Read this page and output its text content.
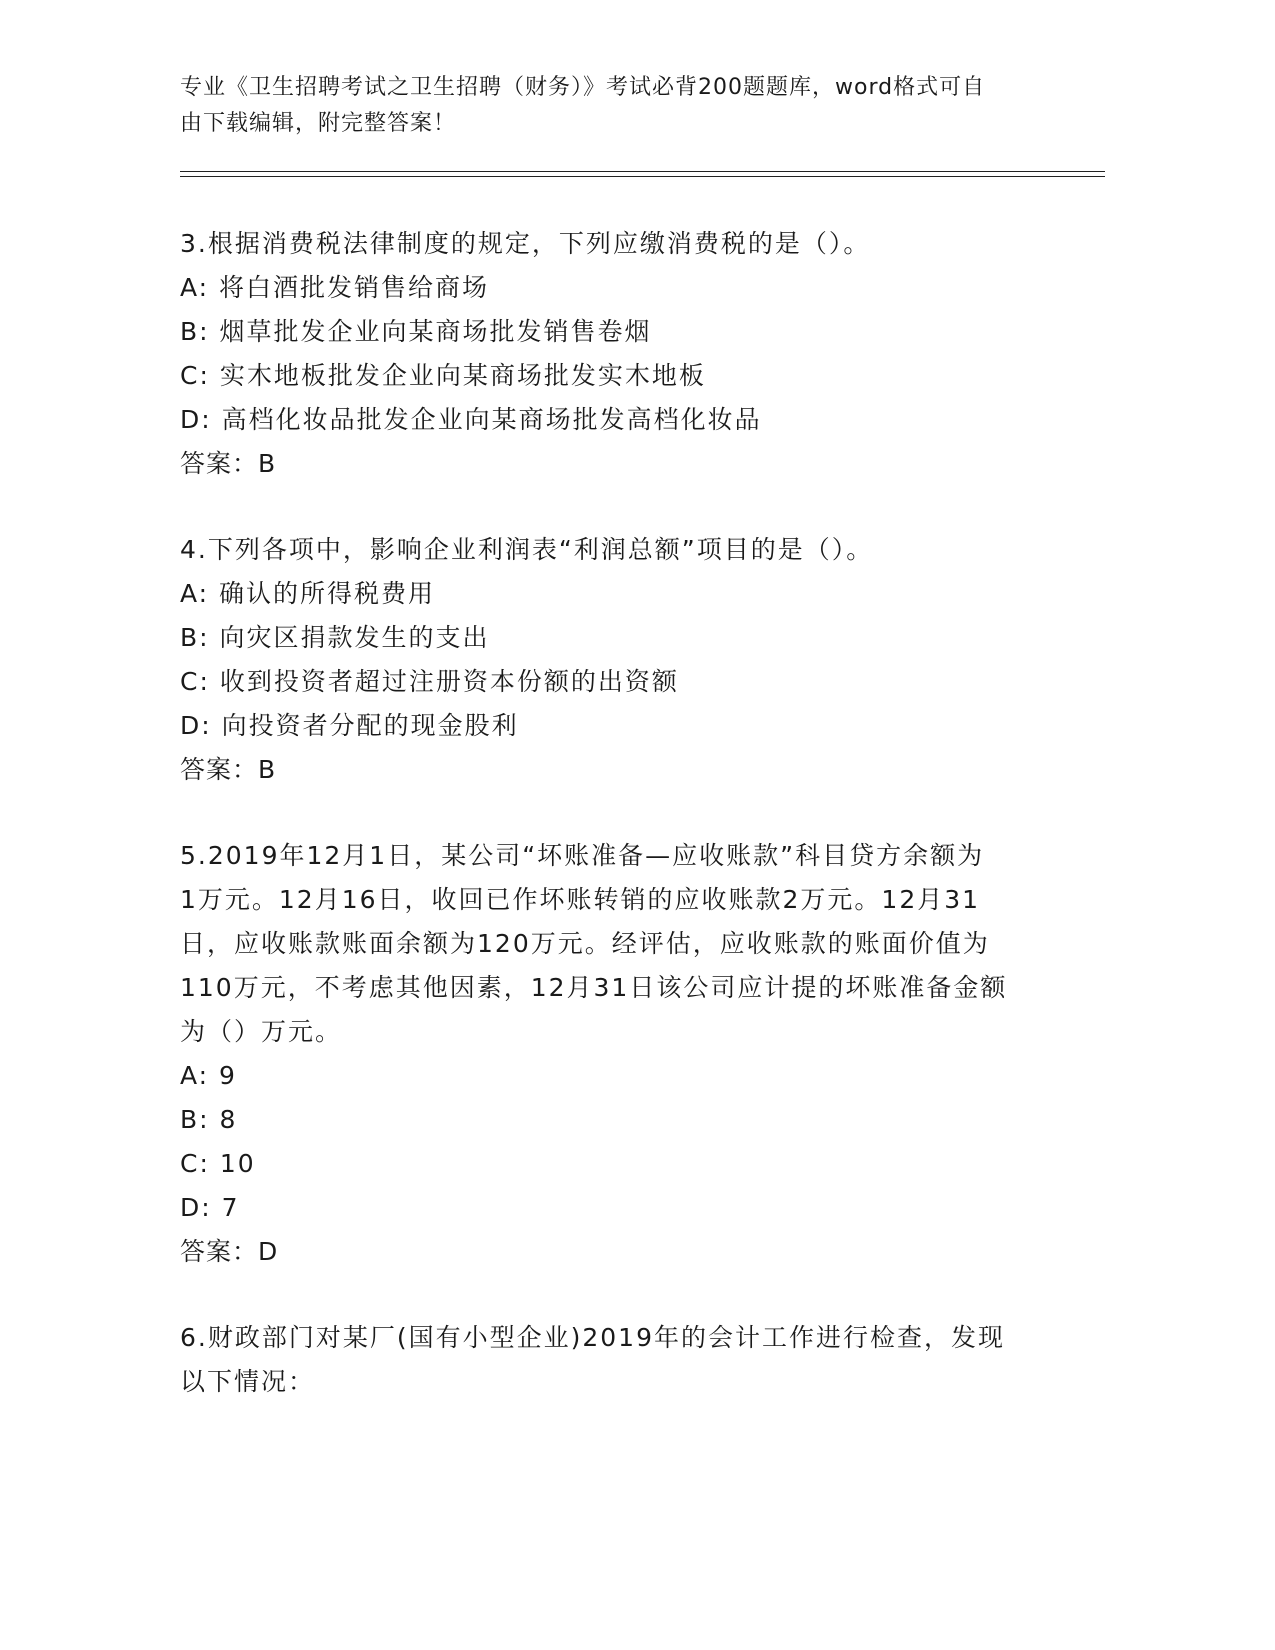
专业《卫生招聘考试之卫生招聘（财务）》考试必背200题题库，word格式可自
由下载编辑，附完整答案！
3.根据消费税法律制度的规定，下列应缴消费税的是（）。
A: 将白酒批发销售给商场
B: 烟草批发企业向某商场批发销售卷烟
C: 实木地板批发企业向某商场批发实木地板
D: 高档化妆品批发企业向某商场批发高档化妆品
答案：B
4.下列各项中，影响企业利润表“利润总额”项目的是（）。
A: 确认的所得税费用
B: 向灾区捐款发生的支出
C: 收到投资者超过注册资本份额的出资额
D: 向投资者分配的现金股利
答案：B
5.2019年12月1日，某公司“坏账准备—应收账款”科目贷方余额为
1万元。12月16日，收回已作坏账转销的应收账款2万元。12月31
日，应收账款账面余额为120万元。经评估，应收账款的账面价值为
110万元，不考虑其他因素，12月31日该公司应计提的坏账准备金额
为（）万元。
A: 9
B: 8
C: 10
D: 7
答案：D
6.财政部门对某厂(国有小型企业)2019年的会计工作进行检查，发现
以下情况：
